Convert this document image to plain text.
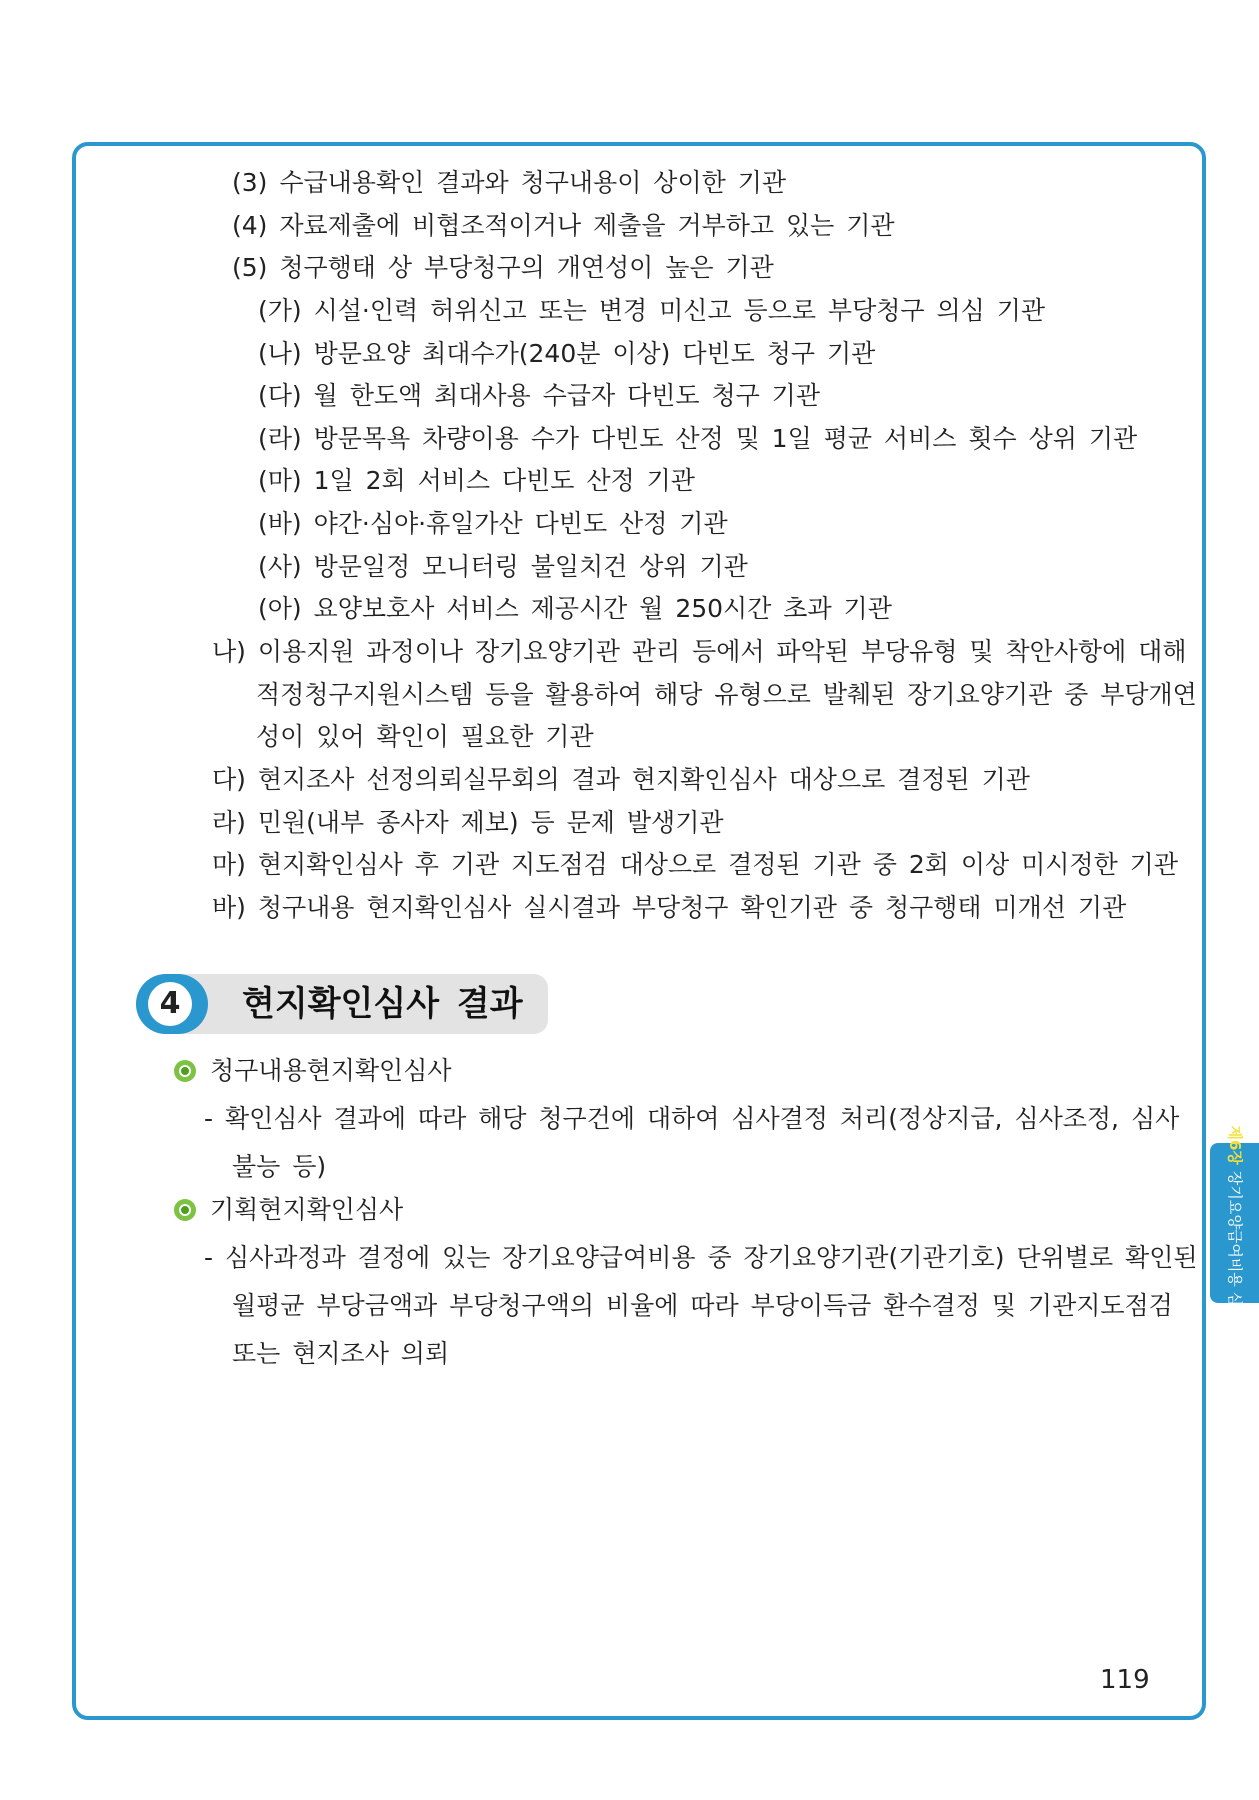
(3) 수급내용확인 결과와 청구내용이 상이한 기관
(4) 자료제출에 비협조적이거나 제출을 거부하고 있는 기관
(5) 청구행태 상 부당청구의 개연성이 높은 기관
(가) 시설·인력 허위신고 또는 변경 미신고 등으로 부당청구 의심 기관
(나) 방문요양 최대수가(240분 이상) 다빈도 청구 기관
(다) 월 한도액 최대사용 수급자 다빈도 청구 기관
(라) 방문목욕 차량이용 수가 다빈도 산정 및 1일 평균 서비스 횟수 상위 기관
(마) 1일 2회 서비스 다빈도 산정 기관
(바) 야간·심야·휴일가산 다빈도 산정 기관
(사) 방문일정 모니터링 불일치건 상위 기관
(아) 요양보호사 서비스 제공시간 월 250시간 초과 기관
나) 이용지원 과정이나 장기요양기관 관리 등에서 파악된 부당유형 및 착안사항에 대해
적정청구지원시스템 등을 활용하여 해당 유형으로 발췌된 장기요양기관 중 부당개연
성이 있어 확인이 필요한 기관
다) 현지조사 선정의뢰실무회의 결과 현지확인심사 대상으로 결정된 기관
라) 민원(내부 종사자 제보) 등 문제 발생기관
마) 현지확인심사 후 기관 지도점검 대상으로 결정된 기관 중 2회 이상 미시정한 기관
바) 청구내용 현지확인심사 실시결과 부당청구 확인기관 중 청구행태 미개선 기관
4	현지확인심사 결과
청구내용현지확인심사
- 확인심사 결과에 따라 해당 청구건에 대하여 심사결정 처리(정상지급, 심사조정, 심사
불능 등)
기획현지확인심사
- 심사과정과 결정에 있는 장기요양급여비용 중 장기요양기관(기관기호) 단위별로 확인된
월평균 부당금액과 부당청구액의 비율에 따라 부당이득금 환수결정 및 기관지도점검
또는 현지조사 의뢰
제6장장기요양급여비용 심사
119
